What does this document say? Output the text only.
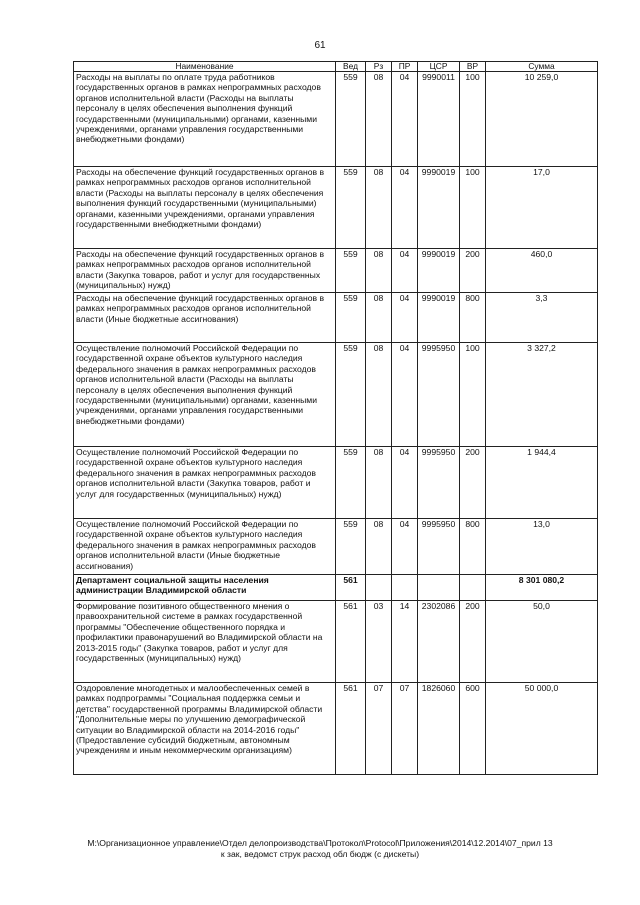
61
Наименование	Вед	Рз	ПР	ЦСР	ВР	Сумма
Расходы на выплаты по оплате труда работников государственных органов в рамках непрограммных расходов органов исполнительной власти (Расходы на выплаты персоналу в целях обеспечения выполнения функций государственными (муниципальными) органами, казенными учреждениями, органами управления государственными внебюджетными фондами)	559	08	04	9990011	100	10 259,0
Расходы на обеспечение функций государственных органов в рамках непрограммных расходов органов исполнительной власти (Расходы на выплаты персоналу в целях обеспечения выполнения функций государственными (муниципальными) органами, казенными учреждениями, органами управления государственными внебюджетными фондами)	559	08	04	9990019	100	17,0
Расходы на обеспечение функций государственных органов в рамках непрограммных расходов органов исполнительной власти (Закупка товаров, работ и услуг для государственных (муниципальных) нужд)	559	08	04	9990019	200	460,0
Расходы на обеспечение функций государственных органов в рамках непрограммных расходов органов исполнительной власти (Иные бюджетные ассигнования)	559	08	04	9990019	800	3,3
Осуществление полномочий Российской Федерации по государственной охране объектов культурного наследия федерального значения в рамках непрограммных расходов органов исполнительной власти (Расходы на выплаты персоналу в целях обеспечения выполнения функций государственными (муниципальными) органами, казенными учреждениями, органами управления государственными внебюджетными фондами)	559	08	04	9995950	100	3 327,2
Осуществление полномочий Российской Федерации по государственной охране объектов культурного наследия федерального значения в рамках непрограммных расходов органов исполнительной власти (Закупка товаров, работ и услуг для государственных (муниципальных) нужд)	559	08	04	9995950	200	1 944,4
Осуществление полномочий Российской Федерации по государственной охране объектов культурного наследия федерального значения в рамках непрограммных расходов органов исполнительной власти (Иные бюджетные ассигнования)	559	08	04	9995950	800	13,0
Департамент социальной защиты населения администрации Владимирской области	561					8 301 080,2
Формирование позитивного общественного мнения о правоохранительной системе в рамках государственной программы "Обеспечение общественного порядка и профилактики правонарушений во Владимирской области на 2013-2015 годы" (Закупка товаров, работ и услуг для государственных (муниципальных) нужд)	561	03	14	2302086	200	50,0
Оздоровление многодетных и малообеспеченных семей в рамках подпрограммы "Социальная поддержка семьи и детства" государственной программы Владимирской области "Дополнительные меры по улучшению демографической ситуации во Владимирской области на 2014-2016 годы" (Предоставление субсидий бюджетным, автономным учреждениям и иным некоммерческим организациям)	561	07	07	1826060	600	50 000,0
M:\Организационное управление\Отдел делопроизводства\Протокол\Protocol\Приложения\2014\12.2014\07_прил 13
к зак, ведомст струк расход обл бюдж (с дискеты)
